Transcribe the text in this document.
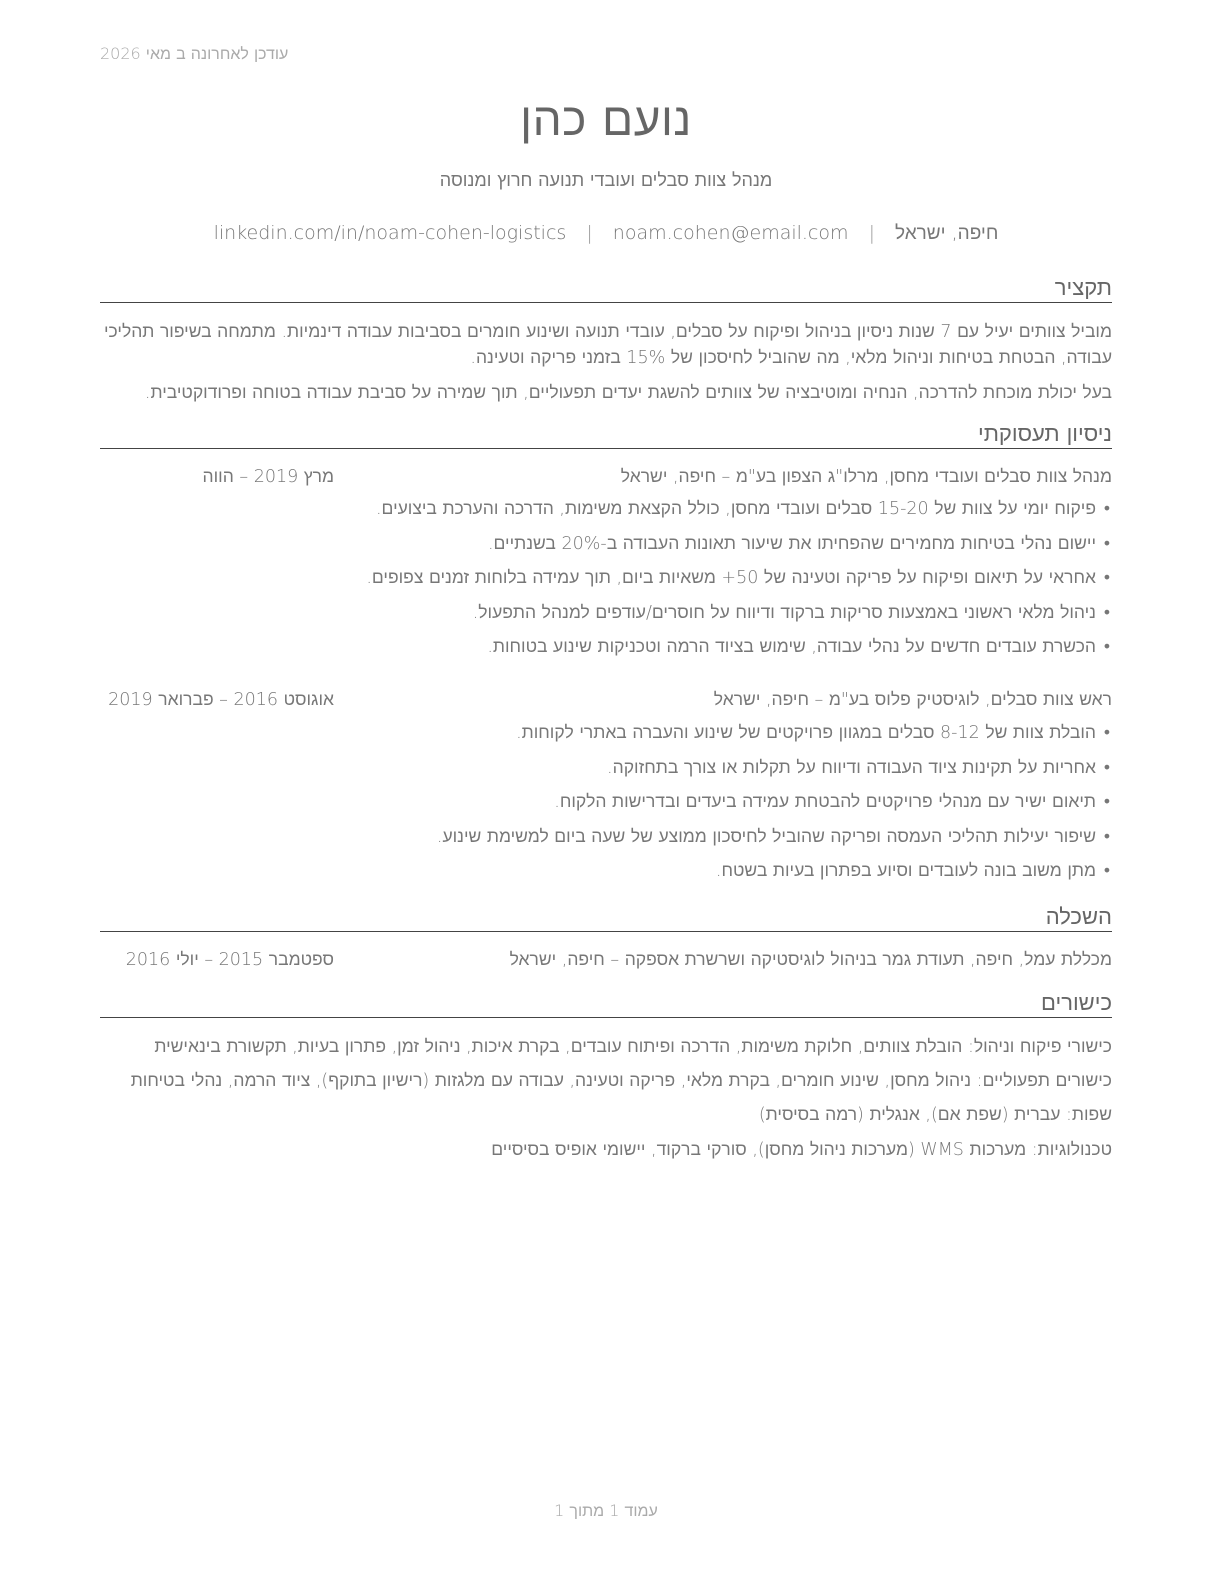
עודכן לאחרונה ב מאי 2026
נועם כהן
מנהל צוות סבלים ועובדי תנועה חרוץ ומנוסה
חיפה, ישראל | noam.cohen@email.com | linkedin.com/in/noam-cohen-logistics
תקציר
מוביל צוותים יעיל עם 7 שנות ניסיון בניהול ופיקוח על סבלים, עובדי תנועה ושינוע חומרים בסביבות עבודה דינמיות. מתמחה בשיפור תהליכי עבודה, הבטחת בטיחות וניהול מלאי, מה שהוביל לחיסכון של 15% בזמני פריקה וטעינה.
בעל יכולת מוכחת להדרכה, הנחיה ומוטיבציה של צוותים להשגת יעדים תפעוליים, תוך שמירה על סביבת עבודה בטוחה ופרודוקטיבית.
ניסיון תעסוקתי
מנהל צוות סבלים ועובדי מחסן, מרלו"ג הצפון בע"מ – חיפה, ישראל
מרץ 2019 – הווה
•
פיקוח יומי על צוות של 15-20 סבלים ועובדי מחסן, כולל הקצאת משימות, הדרכה והערכת ביצועים.
•
יישום נהלי בטיחות מחמירים שהפחיתו את שיעור תאונות העבודה ב-20% בשנתיים.
•
אחראי על תיאום ופיקוח על פריקה וטעינה של 50+ משאיות ביום, תוך עמידה בלוחות זמנים צפופים.
•
ניהול מלאי ראשוני באמצעות סריקות ברקוד ודיווח על חוסרים/עודפים למנהל התפעול.
•
הכשרת עובדים חדשים על נהלי עבודה, שימוש בציוד הרמה וטכניקות שינוע בטוחות.
ראש צוות סבלים, לוגיסטיק פלוס בע"מ – חיפה, ישראל
אוגוסט 2016 – פברואר 2019
•
הובלת צוות של 8-12 סבלים במגוון פרויקטים של שינוע והעברה באתרי לקוחות.
•
אחריות על תקינות ציוד העבודה ודיווח על תקלות או צורך בתחזוקה.
•
תיאום ישיר עם מנהלי פרויקטים להבטחת עמידה ביעדים ובדרישות הלקוח.
•
שיפור יעילות תהליכי העמסה ופריקה שהוביל לחיסכון ממוצע של שעה ביום למשימת שינוע.
•
מתן משוב בונה לעובדים וסיוע בפתרון בעיות בשטח.
השכלה
מכללת עמל, חיפה, תעודת גמר בניהול לוגיסטיקה ושרשרת אספקה – חיפה, ישראל
ספטמבר 2015 – יולי 2016
כישורים
כישורי פיקוח וניהול: הובלת צוותים, חלוקת משימות, הדרכה ופיתוח עובדים, בקרת איכות, ניהול זמן, פתרון בעיות, תקשורת בינאישית
כישורים תפעוליים: ניהול מחסן, שינוע חומרים, בקרת מלאי, פריקה וטעינה, עבודה עם מלגזות (רישיון בתוקף), ציוד הרמה, נהלי בטיחות
שפות: עברית (שפת אם), אנגלית (רמה בסיסית)
טכנולוגיות: מערכות WMS (מערכות ניהול מחסן), סורקי ברקוד, יישומי אופיס בסיסיים
עמוד 1 מתוך 1
